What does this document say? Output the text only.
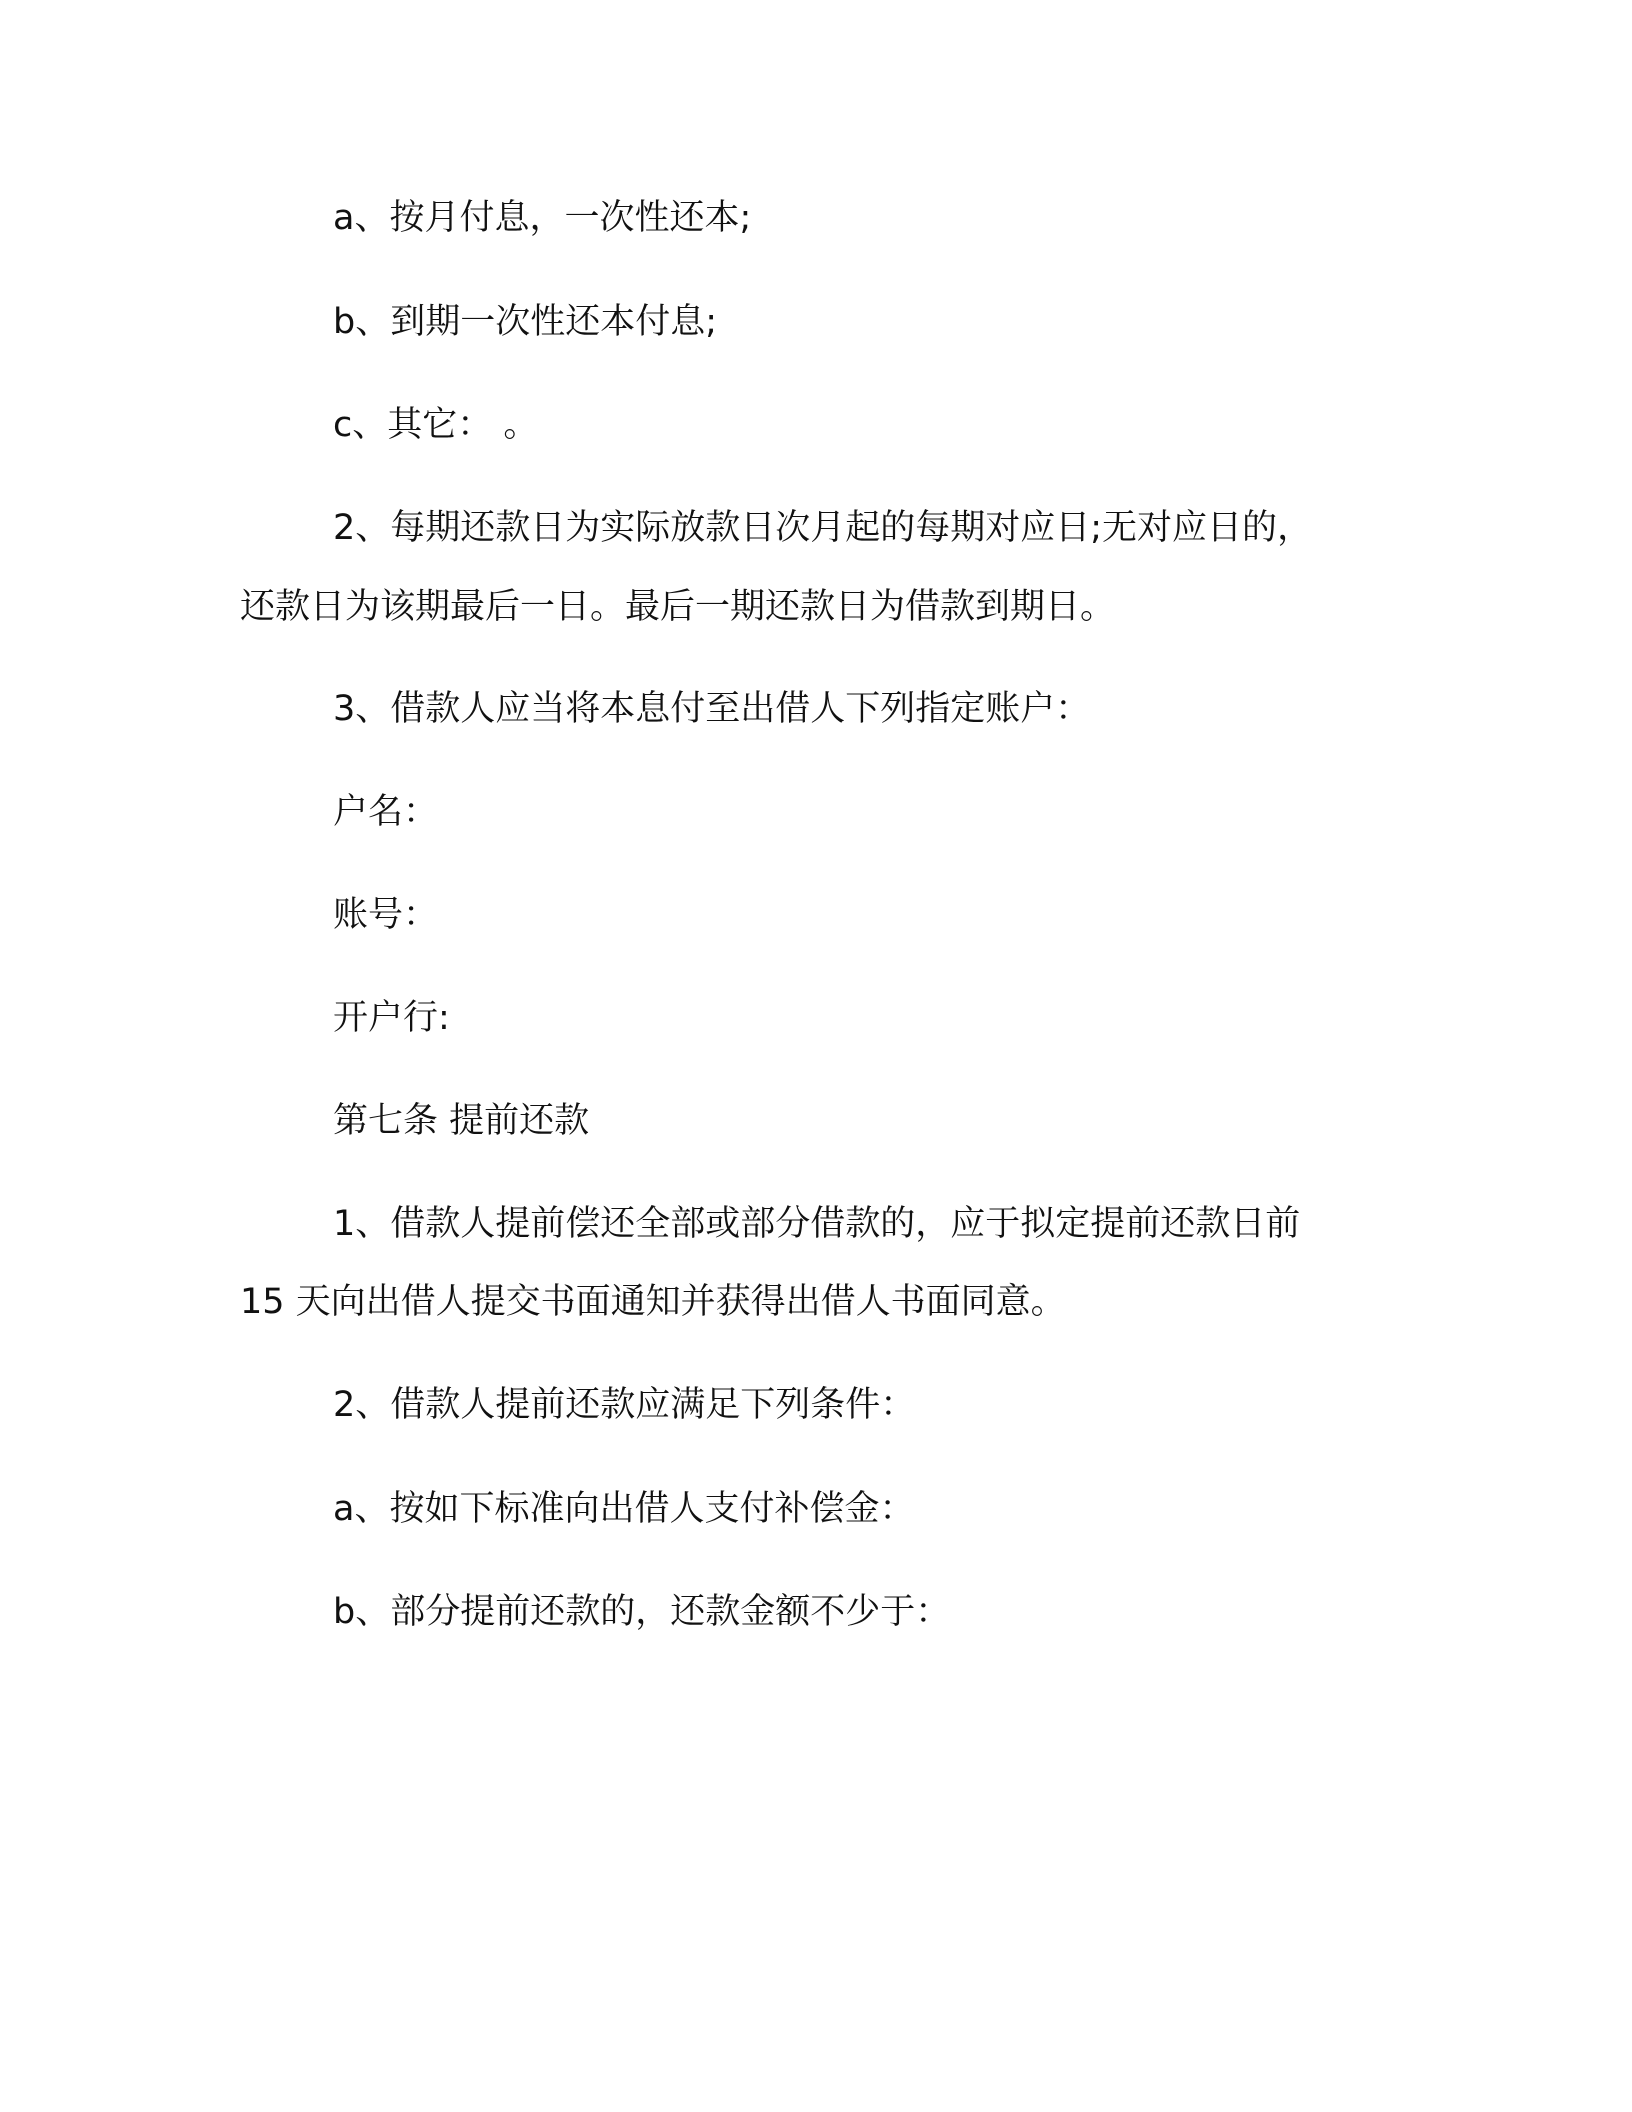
a、按月付息，一次性还本;

b、到期一次性还本付息;

c、其它： 。

2、每期还款日为实际放款日次月起的每期对应日;无对应日的，

还款日为该期最后一日。最后一期还款日为借款到期日。

3、借款人应当将本息付至出借人下列指定账户：

户名：

账号：

开户行:

第七条 提前还款

1、借款人提前偿还全部或部分借款的，应于拟定提前还款日前

15 天向出借人提交书面通知并获得出借人书面同意。

2、借款人提前还款应满足下列条件：

a、按如下标准向出借人支付补偿金：

b、部分提前还款的，还款金额不少于：
